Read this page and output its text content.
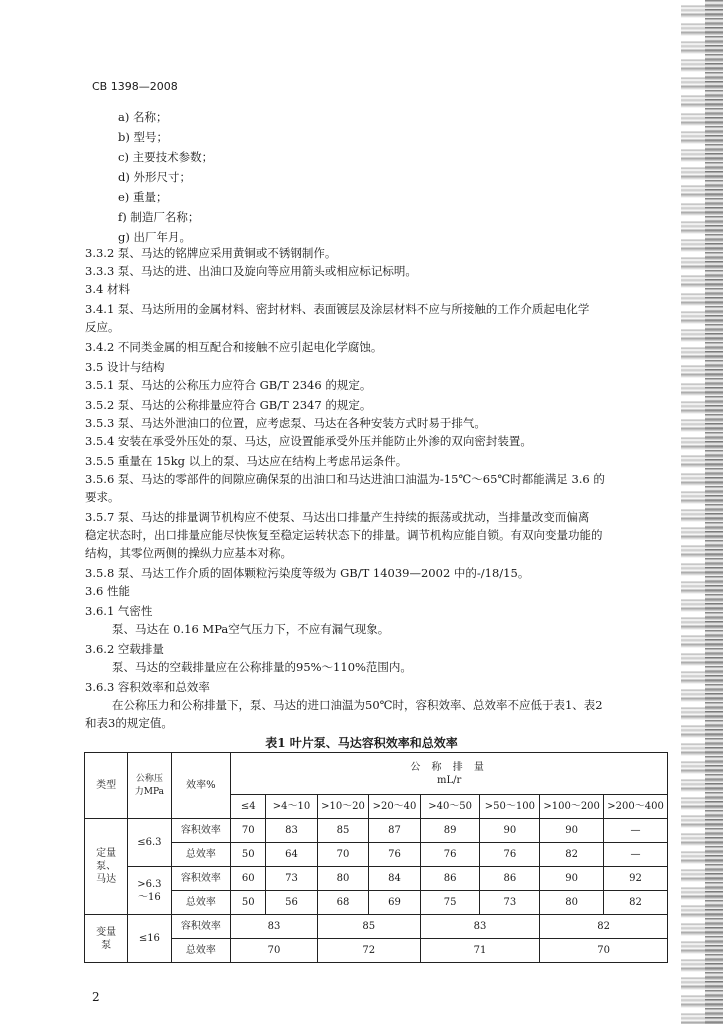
CB 1398—2008
a) 名称；
b) 型号；
c) 主要技术参数；
d) 外形尺寸；
e) 重量；
f) 制造厂名称；
g) 出厂年月。
3.3.2 泵、马达的铭牌应采用黄铜或不锈钢制作。
3.3.3 泵、马达的进、出油口及旋向等应用箭头或相应标记标明。
3.4 材料
3.4.1 泵、马达所用的金属材料、密封材料、表面镀层及涂层材料不应与所接触的工作介质起电化学
反应。
3.4.2 不同类金属的相互配合和接触不应引起电化学腐蚀。
3.5 设计与结构
3.5.1 泵、马达的公称压力应符合 GB/T 2346 的规定。
3.5.2 泵、马达的公称排量应符合 GB/T 2347 的规定。
3.5.3 泵、马达外泄油口的位置，应考虑泵、马达在各种安装方式时易于排气。
3.5.4 安装在承受外压处的泵、马达，应设置能承受外压并能防止外渗的双向密封装置。
3.5.5 重量在 15kg 以上的泵、马达应在结构上考虑吊运条件。
3.5.6 泵、马达的零部件的间隙应确保泵的出油口和马达进油口油温为-15℃～65℃时都能满足 3.6 的
要求。
3.5.7 泵、马达的排量调节机构应不使泵、马达出口排量产生持续的振荡或扰动，当排量改变而偏离
稳定状态时，出口排量应能尽快恢复至稳定运转状态下的排量。调节机构应能自锁。有双向变量功能的
结构，其零位两侧的操纵力应基本对称。
3.5.8 泵、马达工作介质的固体颗粒污染度等级为 GB/T 14039—2002 中的-/18/15。
3.6 性能
3.6.1 气密性
泵、马达在 0.16 MPa空气压力下，不应有漏气现象。
3.6.2 空载排量
泵、马达的空载排量应在公称排量的95%～110%范围内。
3.6.3 容积效率和总效率
在公称压力和公称排量下，泵、马达的进口油温为50℃时，容积效率、总效率不应低于表1、表2
和表3的规定值。
表1 叶片泵、马达容积效率和总效率
类型	公称压力MPa	效率%	公 称 排 量
mL/r							

			≤4	>4～10	>10～20	>20～40	>40～50	>50～100	>100～200	>200～400
定量泵、马达	≤6.3	容积效率	70	83	85	87	89	90	90	—
		总效率	50	64	70	76	76	76	82	—
	>6.3～16	容积效率	60	73	80	84	86	86	90	92
		总效率	50	56	68	69	75	73	80	82
变量泵	≤16	容积效率	83		85		83		82	
		总效率	70		72		71		70	
2
